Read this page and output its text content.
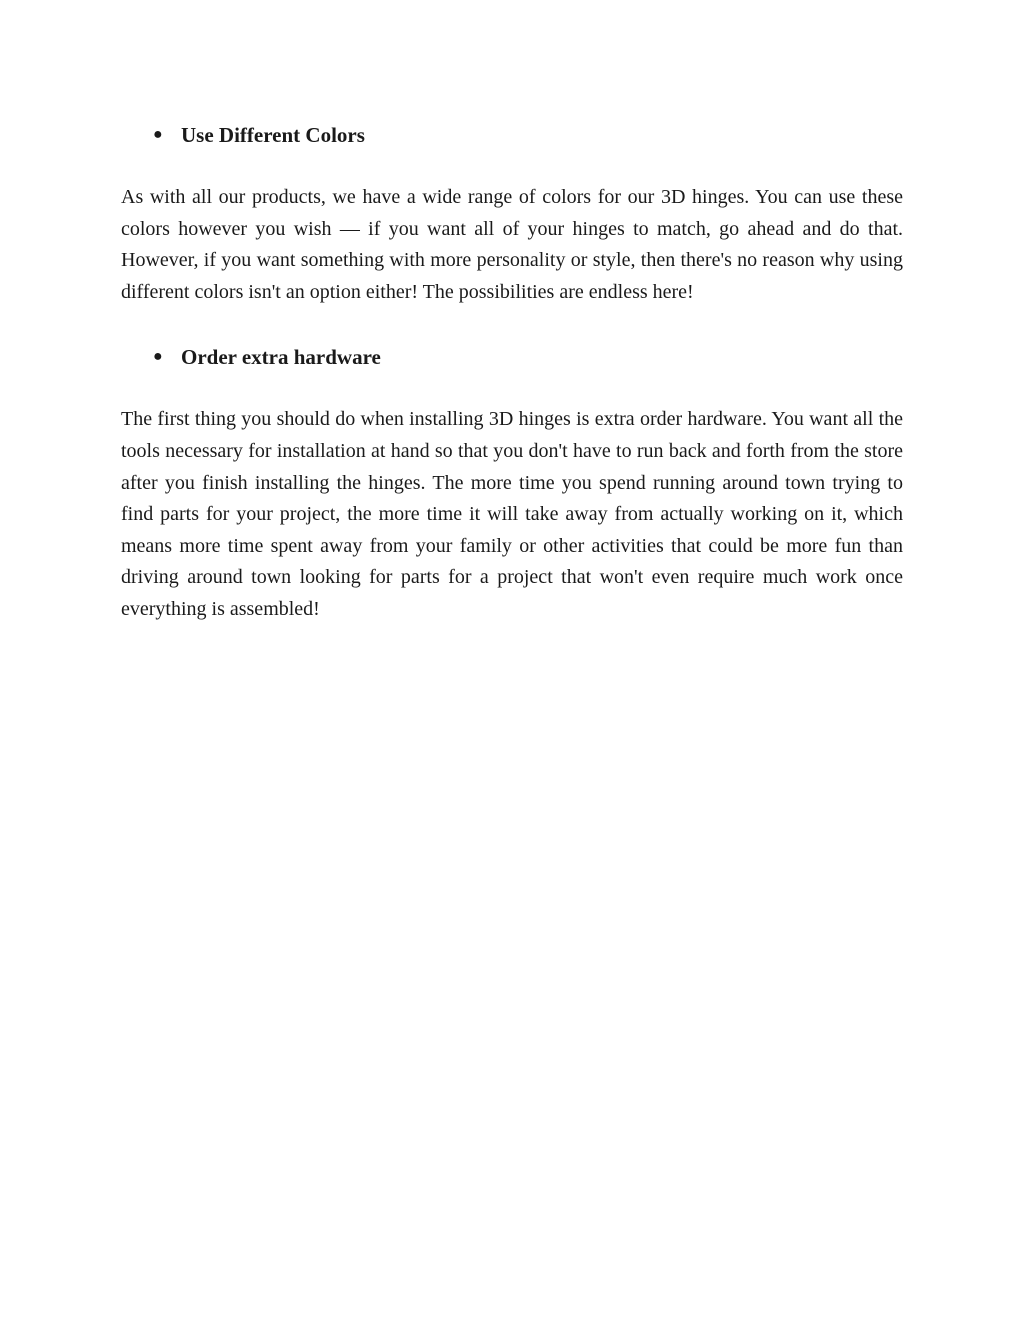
● Use Different Colors

As with all our products, we have a wide range of colors for our 3D hinges. You can use these colors however you wish — if you want all of your hinges to match, go ahead and do that. However, if you want something with more personality or style, then there's no reason why using different colors isn't an option either! The possibilities are endless here!

● Order extra hardware

The first thing you should do when installing 3D hinges is extra order hardware. You want all the tools necessary for installation at hand so that you don't have to run back and forth from the store after you finish installing the hinges. The more time you spend running around town trying to find parts for your project, the more time it will take away from actually working on it, which means more time spent away from your family or other activities that could be more fun than driving around town looking for parts for a project that won't even require much work once everything is assembled!
